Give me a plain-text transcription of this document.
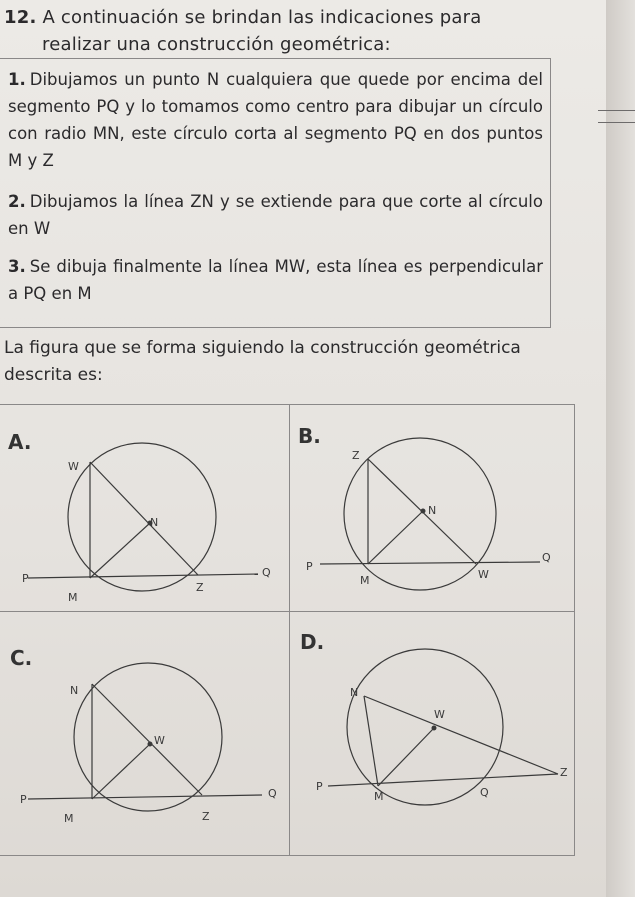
12. A continuación se brindan las indicaciones para
realizar una construcción geométrica:
1. Dibujamos un punto N cualquiera que quede por encima del segmento PQ y lo tomamos como centro para dibujar un círculo con radio MN, este círculo corta al segmento PQ en dos puntos M y Z
2. Dibujamos la línea ZN y se extiende para que corte al círculo en W
3. Se dibuja finalmente la línea MW, esta línea es perpendicular a PQ en M
La figura que se forma siguiendo la construcción geométrica descrita es:
A.
W
N
P	Q
M
Z
B.
Z
N
P
Q
M	W
C.
N
W
P	Q
M	Z
D.
N
W
P	Q
M
Z
